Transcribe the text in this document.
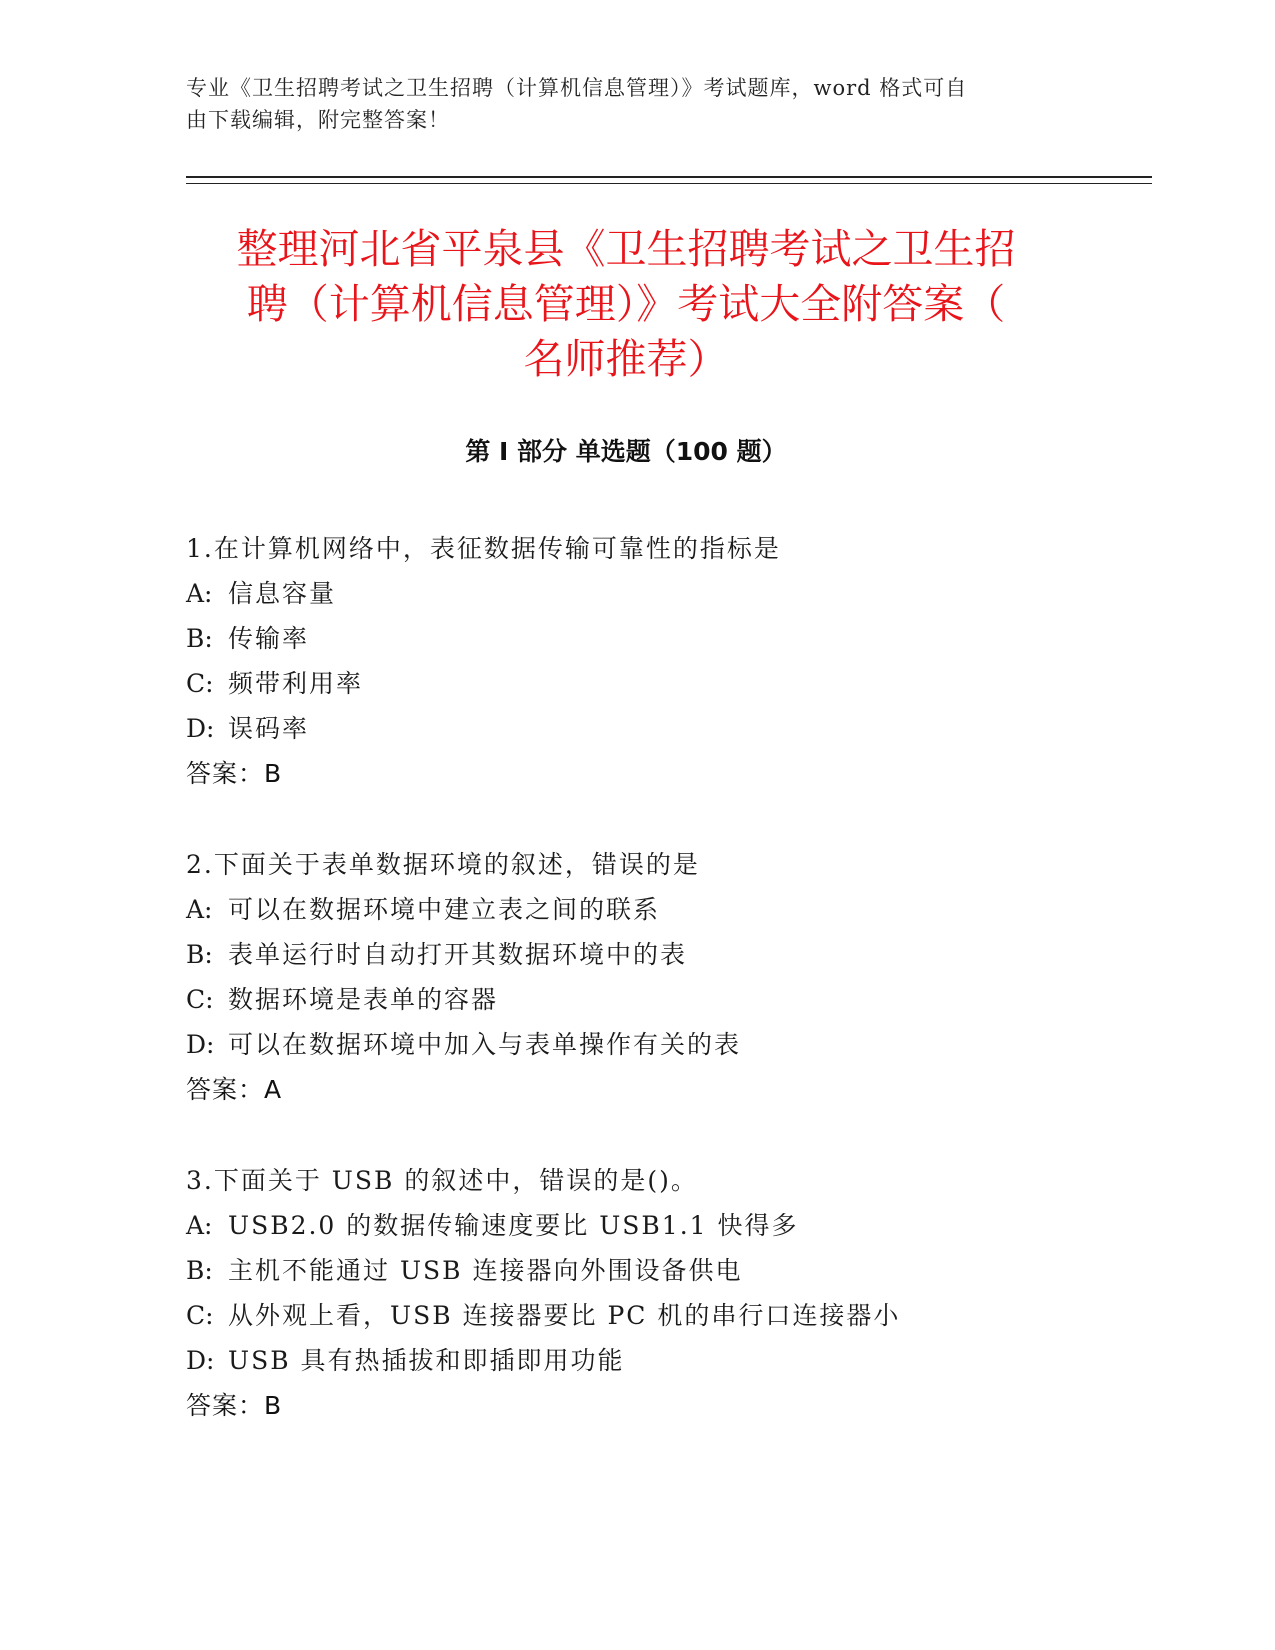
专业《卫生招聘考试之卫生招聘（计算机信息管理）》考试题库，word 格式可自
由下载编辑，附完整答案！
整理河北省平泉县《卫生招聘考试之卫生招
聘（计算机信息管理）》考试大全附答案（
名师推荐）
第 I 部分 单选题（100 题）
1.在计算机网络中，表征数据传输可靠性的指标是
A: 信息容量
B: 传输率
C: 频带利用率
D: 误码率
答案：B
2.下面关于表单数据环境的叙述，错误的是
A: 可以在数据环境中建立表之间的联系
B: 表单运行时自动打开其数据环境中的表
C: 数据环境是表单的容器
D: 可以在数据环境中加入与表单操作有关的表
答案：A
3.下面关于 USB 的叙述中，错误的是()。
A: USB2.0 的数据传输速度要比 USB1.1 快得多
B: 主机不能通过 USB 连接器向外围设备供电
C: 从外观上看，USB 连接器要比 PC 机的串行口连接器小
D: USB 具有热插拔和即插即用功能
答案：B
